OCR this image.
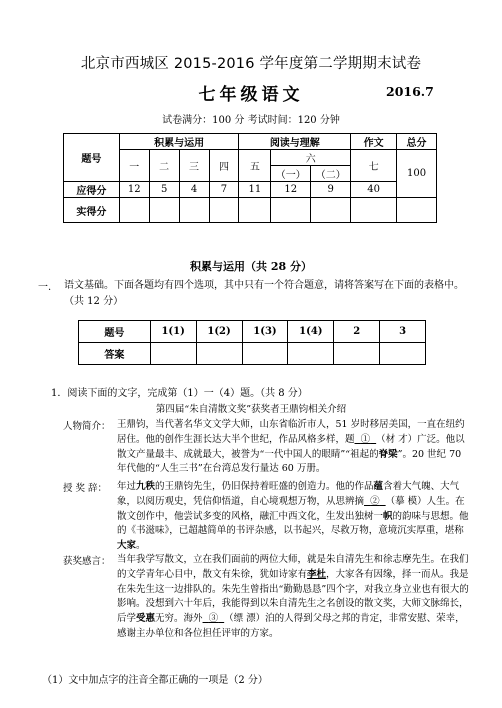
北京市西城区 2015-2016 学年度第二学期期末试卷
七年级语文	2016.7
试卷满分：100 分 考试时间：120 分钟
题号	积累与运用				阅读与理解			作文	总分
	一	二	三	四	五	六		七	100
						（一）	（二）		
应得分	12	5	4	7	11	12	9	40	
实得分									
积累与运用（共 28 分）
一. 语文基础。下面各题均有四个选项，其中只有一个符合题意，请将答案写在下面的表格中。（共 12 分）
题号	1(1)	1(2)	1(3)	1(4)	2	3
答案						
1．阅读下面的文字，完成第（1）一（4）题。（共 8 分）
第四届“朱自清散文奖”获奖者王鼎钧相关介绍
人物简介： 王鼎钧，当代著名华文文学大师，山东省临沂市人，51 岁时移居美国，一直在纽约居住。他的创作生涯长达大半个世纪，作品风格多样，题 ① （材 才）广泛。他以散文产量最丰、成就最大，被誉为“一代中国人的眼睛”“祖起的脊梁”。20 世纪 70 年代他的“人生三书”在台湾总发行量达 60 万册。
授 奖 辞： 年过九秩的王鼎钧先生，仍旧保持着旺盛的创造力。他的作品蕴含着大气魄、大气象，以阅历观史，凭信仰悟道，自心境观想万物，从思辨摘 ② （摹 模）人生。在散文创作中，他尝试多变的风格，融汇中西文化，生发出独树一帜的韵味与思想。他的《书滋味》，已超越简单的书评杂感，以书起兴，尽救万物，意境沉实厚重，堪称大家。
获奖感言： 当年我学写散文，立在我们面前的两位大师，就是朱自清先生和徐志摩先生。在我们的文学青年心目中，散文有朱徐，犹如诗家有李杜，大家各有因缘，择一而从。我是在朱先生这一边排队的。朱先生曾指出“勤勤恳恳”四个字，对我立身立业也有很大的影响。没想到六十年后，我能得到以朱自清先生之名创设的散文奖，大师文脉绵长，后学受惠无穷。海外 ③ （缥 漂）泊的人得到父母之邦的肯定，非常安慰、荣幸，感谢主办单位和各位担任评审的方家。
（1）文中加点字的注音全都正确的一项是（2 分）
